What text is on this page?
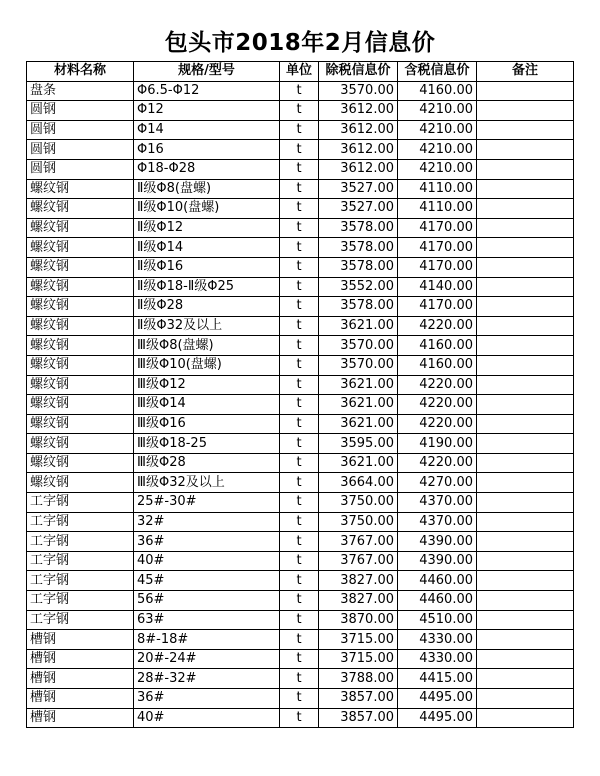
包头市2018年2月信息价
材料名称	规格/型号	单位	除税信息价	含税信息价	备注
盘条	Φ6.5-Φ12	t	3570.00	4160.00	
圆钢	Φ12	t	3612.00	4210.00	
圆钢	Φ14	t	3612.00	4210.00	
圆钢	Φ16	t	3612.00	4210.00	
圆钢	Φ18-Φ28	t	3612.00	4210.00	
螺纹钢	Ⅱ级Φ8(盘螺)	t	3527.00	4110.00	
螺纹钢	Ⅱ级Φ10(盘螺)	t	3527.00	4110.00	
螺纹钢	Ⅱ级Φ12	t	3578.00	4170.00	
螺纹钢	Ⅱ级Φ14	t	3578.00	4170.00	
螺纹钢	Ⅱ级Φ16	t	3578.00	4170.00	
螺纹钢	Ⅱ级Φ18-Ⅱ级Φ25	t	3552.00	4140.00	
螺纹钢	Ⅱ级Φ28	t	3578.00	4170.00	
螺纹钢	Ⅱ级Φ32及以上	t	3621.00	4220.00	
螺纹钢	Ⅲ级Φ8(盘螺)	t	3570.00	4160.00	
螺纹钢	Ⅲ级Φ10(盘螺)	t	3570.00	4160.00	
螺纹钢	Ⅲ级Φ12	t	3621.00	4220.00	
螺纹钢	Ⅲ级Φ14	t	3621.00	4220.00	
螺纹钢	Ⅲ级Φ16	t	3621.00	4220.00	
螺纹钢	Ⅲ级Φ18-25	t	3595.00	4190.00	
螺纹钢	Ⅲ级Φ28	t	3621.00	4220.00	
螺纹钢	Ⅲ级Φ32及以上	t	3664.00	4270.00	
工字钢	25#-30#	t	3750.00	4370.00	
工字钢	32#	t	3750.00	4370.00	
工字钢	36#	t	3767.00	4390.00	
工字钢	40#	t	3767.00	4390.00	
工字钢	45#	t	3827.00	4460.00	
工字钢	56#	t	3827.00	4460.00	
工字钢	63#	t	3870.00	4510.00	
槽钢	8#-18#	t	3715.00	4330.00	
槽钢	20#-24#	t	3715.00	4330.00	
槽钢	28#-32#	t	3788.00	4415.00	
槽钢	36#	t	3857.00	4495.00	
槽钢	40#	t	3857.00	4495.00	
